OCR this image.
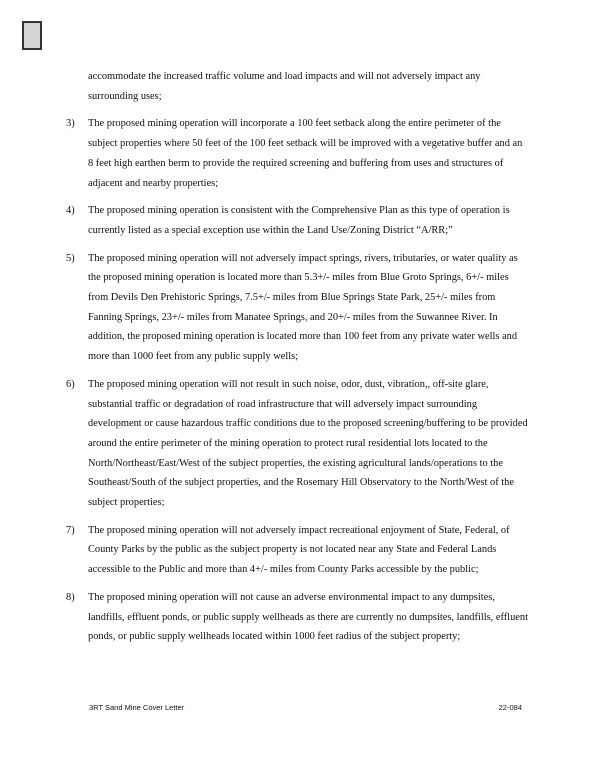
accommodate the increased traffic volume and load impacts and will not adversely impact any surrounding uses;

3)	The proposed mining operation will incorporate a 100 feet setback along the entire perimeter of the subject properties where 50 feet of the 100 feet setback will be improved with a vegetative buffer and an 8 feet high earthen berm to provide the required screening and buffering from uses and structures of adjacent and nearby properties;

4)	The proposed mining operation is consistent with the Comprehensive Plan as this type of operation is currently listed as a special exception use within the Land Use/Zoning District “A/RR;”

5)	The proposed mining operation will not adversely impact springs, rivers, tributaries, or water quality as the proposed mining operation is located more than 5.3+/- miles from Blue Groto Springs, 6+/- miles from Devils Den Prehistoric Springs, 7.5+/- miles from Blue Springs State Park, 25+/- miles from Fanning Springs, 23+/- miles from Manatee Springs, and 20+/- miles from the Suwannee River. In addition, the proposed mining operation is located more than 100 feet from any private water wells and more than 1000 feet from any public supply wells;

6)	The proposed mining operation will not result in such noise, odor, dust, vibration,, off-site glare, substantial traffic or degradation of road infrastructure that will adversely impact surrounding development or cause hazardous traffic conditions due to the proposed screening/buffering to be provided around the entire perimeter of the mining operation to protect rural residential lots located to the North/Northeast/East/West of the subject properties, the existing agricultural lands/operations to the Southeast/South of the subject properties, and the Rosemary Hill Observatory to the North/West of the subject properties;

7)	The proposed mining operation will not adversely impact recreational enjoyment of State, Federal, of County Parks by the public as the subject property is not located near any State and Federal Lands accessible to the Public and more than 4+/- miles from County Parks accessible by the public;

8)	The proposed mining operation will not cause an adverse environmental impact to any dumpsites, landfills, effluent ponds, or public supply wellheads as there are currently no dumpsites, landfills, effluent ponds, or public supply wellheads located within 1000 feet radius of the subject property;

3RT Sand Mine Cover Letter	22-084
